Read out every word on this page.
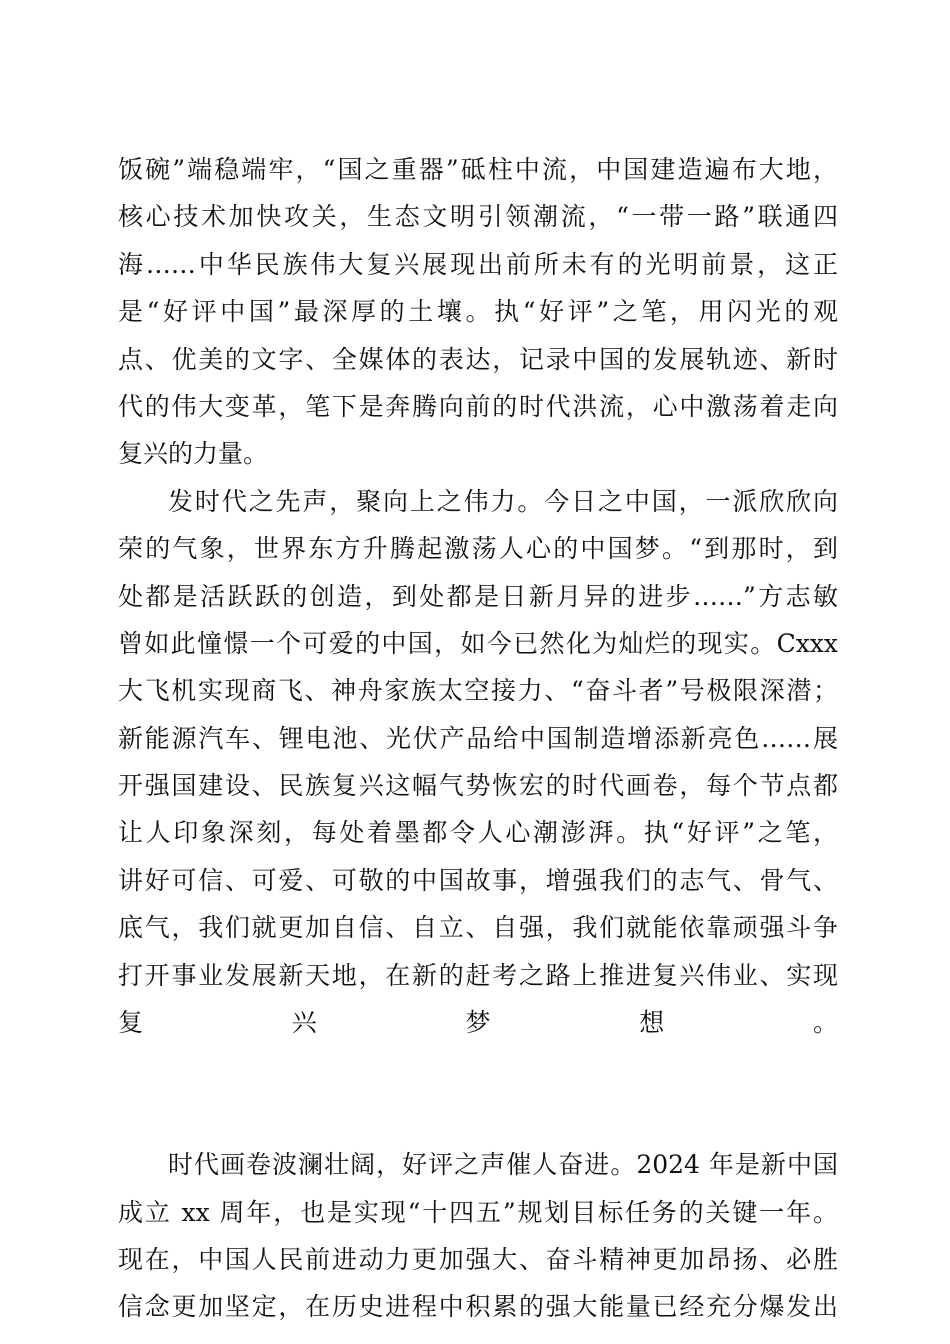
饭碗”端稳端牢，“国之重器”砥柱中流，中国建造遍布大地，
核心技术加快攻关，生态文明引领潮流，“一带一路”联通四
海……中华民族伟大复兴展现出前所未有的光明前景，这正
是“好评中国”最深厚的土壤。执“好评”之笔，用闪光的观
点、优美的文字、全媒体的表达，记录中国的发展轨迹、新时
代的伟大变革，笔下是奔腾向前的时代洪流，心中激荡着走向
复兴的力量。
发时代之先声，聚向上之伟力。今日之中国，一派欣欣向
荣的气象，世界东方升腾起激荡人心的中国梦。“到那时，到
处都是活跃跃的创造，到处都是日新月异的进步……”方志敏
曾如此憧憬一个可爱的中国，如今已然化为灿烂的现实。Cxxx
大飞机实现商飞、神舟家族太空接力、“奋斗者”号极限深潜；
新能源汽车、锂电池、光伏产品给中国制造增添新亮色……展
开强国建设、民族复兴这幅气势恢宏的时代画卷，每个节点都
让人印象深刻，每处着墨都令人心潮澎湃。执“好评”之笔，
讲好可信、可爱、可敬的中国故事，增强我们的志气、骨气、
底气，我们就更加自信、自立、自强，我们就能依靠顽强斗争
打开事业发展新天地，在新的赶考之路上推进复兴伟业、实现
复兴梦想。
时代画卷波澜壮阔，好评之声催人奋进。2024 年是新中国
成立 xx 周年，也是实现“十四五”规划目标任务的关键一年。
现在，中国人民前进动力更加强大、奋斗精神更加昂扬、必胜
信念更加坚定，在历史进程中积累的强大能量已经充分爆发出
